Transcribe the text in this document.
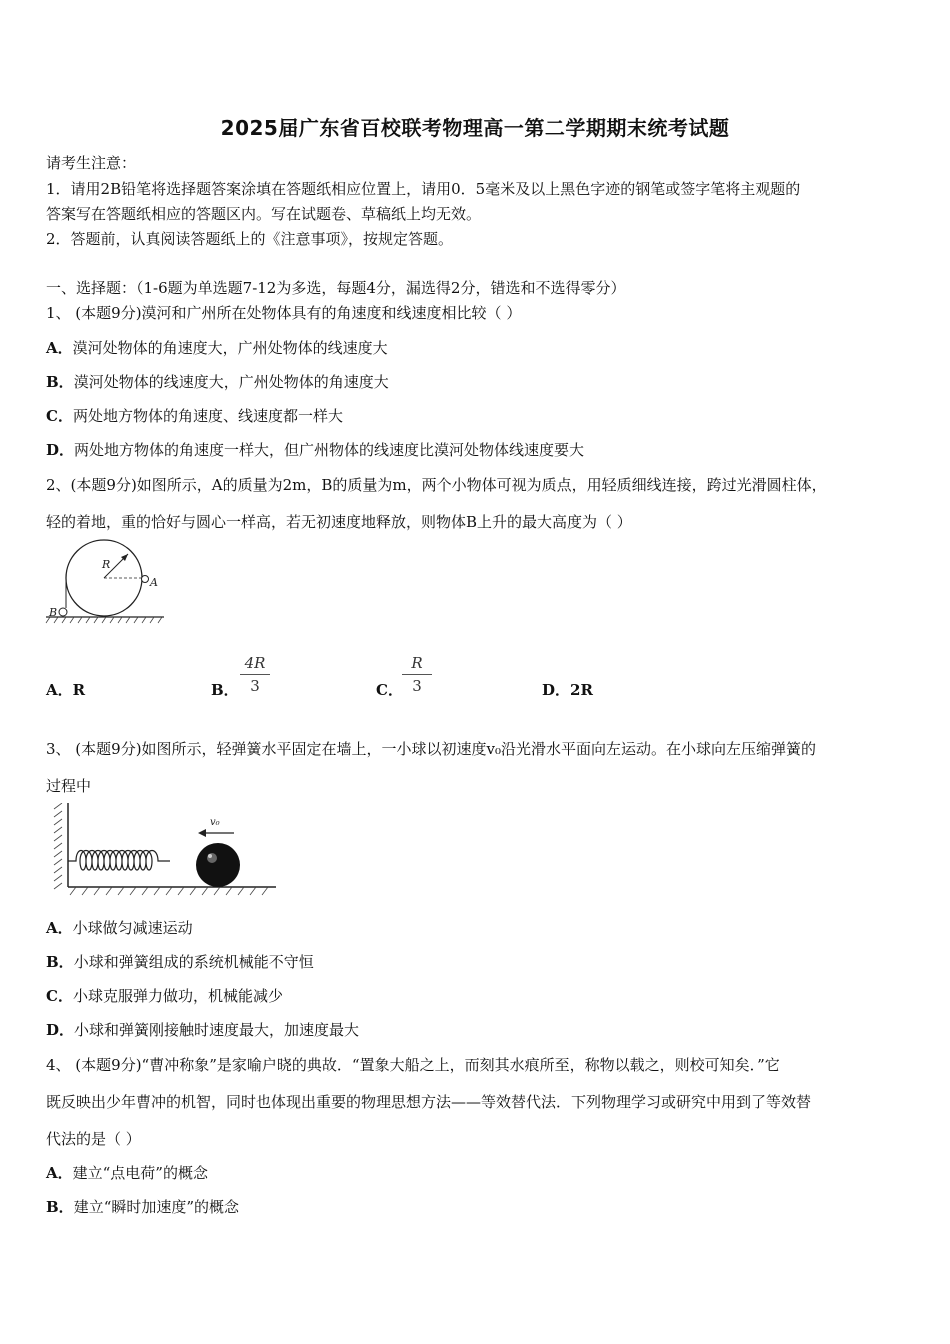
2025届广东省百校联考物理高一第二学期期末统考试题
请考生注意：
1．请用2B铅笔将选择题答案涂填在答题纸相应位置上，请用0．5毫米及以上黑色字迹的钢笔或签字笔将主观题的
答案写在答题纸相应的答题区内。写在试题卷、草稿纸上均无效。
2．答题前，认真阅读答题纸上的《注意事项》，按规定答题。
一、选择题：（1-6题为单选题7-12为多选，每题4分，漏选得2分，错选和不选得零分）
1、 (本题9分)漠河和广州所在处物体具有的角速度和线速度相比较（ ）
A．漠河处物体的角速度大，广州处物体的线速度大
B．漠河处物体的线速度大，广州处物体的角速度大
C．两处地方物体的角速度、线速度都一样大
D．两处地方物体的角速度一样大，但广州物体的线速度比漠河处物体线速度要大
2、(本题9分)如图所示，A的质量为2m，B的质量为m，两个小物体可视为质点，用轻质细线连接，跨过光滑圆柱体，
轻的着地，重的恰好与圆心一样高，若无初速度地释放，则物体B上升的最大高度为（ ）
R
A
B
A．R	B． $\frac{4R}{3}$	C． $\frac{R}{3}$	D．2R
3、 (本题9分)如图所示，轻弹簧水平固定在墙上，一小球以初速度v₀沿光滑水平面向左运动。在小球向左压缩弹簧的
过程中
v₀
A．小球做匀减速运动
B．小球和弹簧组成的系统机械能不守恒
C．小球克服弹力做功，机械能减少
D．小球和弹簧刚接触时速度最大，加速度最大
4、 (本题9分)“曹冲称象”是家喻户晓的典故．“置象大船之上，而刻其水痕所至，称物以载之，则校可知矣．”它
既反映出少年曹冲的机智，同时也体现出重要的物理思想方法——等效替代法．下列物理学习或研究中用到了等效替
代法的是（ ）
A．建立“点电荷”的概念
B．建立“瞬时加速度”的概念
